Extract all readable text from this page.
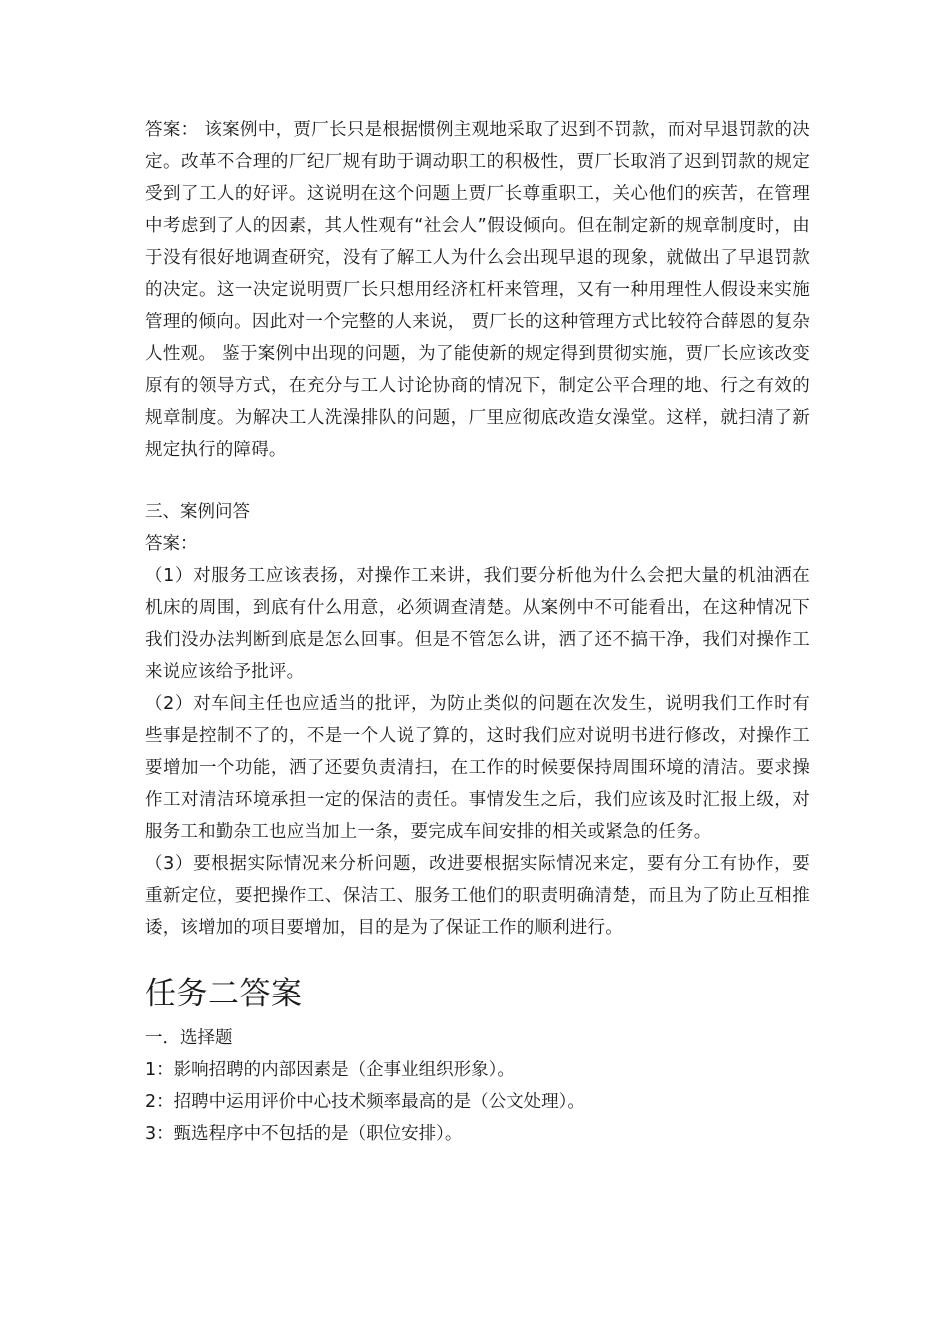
答案： 该案例中，贾厂长只是根据惯例主观地采取了迟到不罚款，而对早退罚款的决定。改革不合理的厂纪厂规有助于调动职工的积极性，贾厂长取消了迟到罚款的规定受到了工人的好评。这说明在这个问题上贾厂长尊重职工，关心他们的疾苦，在管理中考虑到了人的因素，其人性观有“社会人”假设倾向。但在制定新的规章制度时，由于没有很好地调查研究，没有了解工人为什么会出现早退的现象，就做出了早退罚款的决定。这一决定说明贾厂长只想用经济杠杆来管理，又有一种用理性人假设来实施管理的倾向。因此对一个完整的人来说， 贾厂长的这种管理方式比较符合薛恩的复杂人性观。 鉴于案例中出现的问题，为了能使新的规定得到贯彻实施，贾厂长应该改变原有的领导方式，在充分与工人讨论协商的情况下，制定公平合理的地、行之有效的规章制度。为解决工人洗澡排队的问题，厂里应彻底改造女澡堂。这样，就扫清了新规定执行的障碍。

三、案例问答

答案：

（1）对服务工应该表扬，对操作工来讲，我们要分析他为什么会把大量的机油洒在机床的周围，到底有什么用意，必须调查清楚。从案例中不可能看出，在这种情况下我们没办法判断到底是怎么回事。但是不管怎么讲，洒了还不搞干净，我们对操作工来说应该给予批评。

（2）对车间主任也应适当的批评，为防止类似的问题在次发生，说明我们工作时有些事是控制不了的，不是一个人说了算的，这时我们应对说明书进行修改，对操作工要增加一个功能，洒了还要负责清扫，在工作的时候要保持周围环境的清洁。要求操作工对清洁环境承担一定的保洁的责任。事情发生之后，我们应该及时汇报上级，对服务工和勤杂工也应当加上一条，要完成车间安排的相关或紧急的任务。

（3）要根据实际情况来分析问题，改进要根据实际情况来定，要有分工有协作，要重新定位，要把操作工、保洁工、服务工他们的职责明确清楚，而且为了防止互相推诿，该增加的项目要增加，目的是为了保证工作的顺利进行。

任务二答案

一．选择题

1：影响招聘的内部因素是（企事业组织形象）。

2：招聘中运用评价中心技术频率最高的是（公文处理）。

3：甄选程序中不包括的是（职位安排）。
